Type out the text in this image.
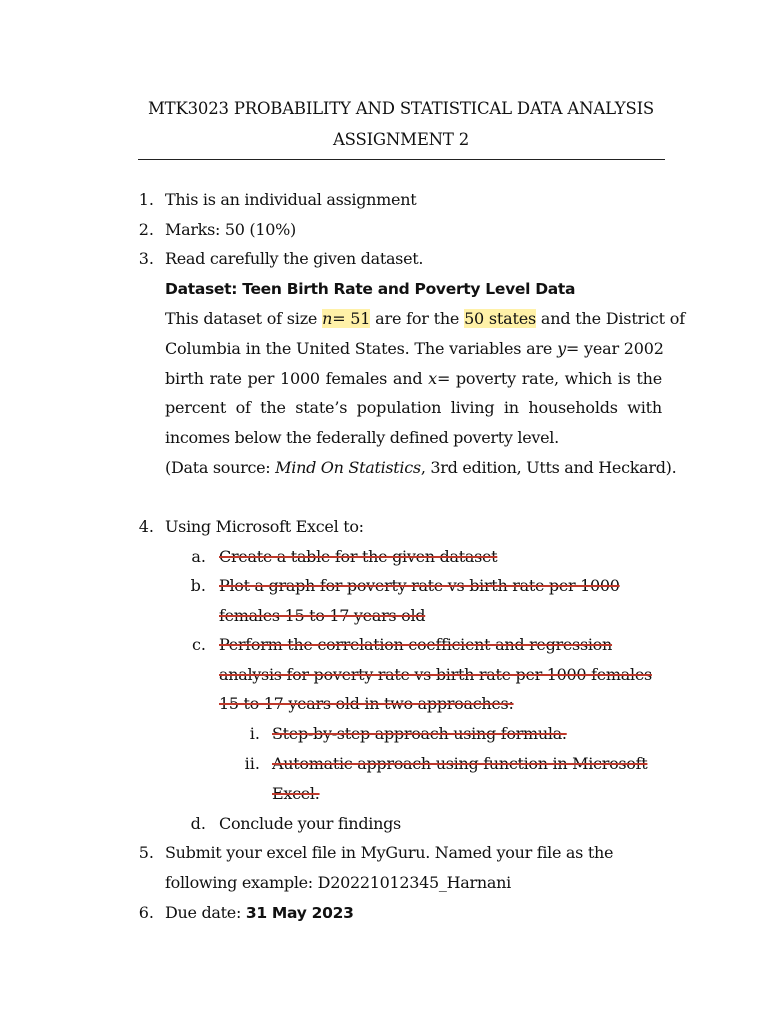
MTK3023 PROBABILITY AND STATISTICAL DATA ANALYSIS
ASSIGNMENT 2
1. This is an individual assignment
2. Marks: 50 (10%)
3. Read carefully the given dataset.
Dataset: Teen Birth Rate and Poverty Level Data
This dataset of size n= 51 are for the 50 states and the District of
Columbia in the United States. The variables are y= year 2002
birth rate per 1000 females and x= poverty rate, which is the
percent of the state’s population living in households with
incomes below the federally defined poverty level.
(Data source: Mind On Statistics, 3rd edition, Utts and Heckard).
4. Using Microsoft Excel to:
a. Create a table for the given dataset
b. Plot a graph for poverty rate vs birth rate per 1000
females 15 to 17 years old
c. Perform the correlation coefficient and regression
analysis for poverty rate vs birth rate per 1000 females
15 to 17 years old in two approaches:
i. Step-by-step approach using formula.
ii. Automatic approach using function in Microsoft
Excel.
d. Conclude your findings
5. Submit your excel file in MyGuru. Named your file as the
following example: D20221012345_Harnani
6. Due date: 31 May 2023
